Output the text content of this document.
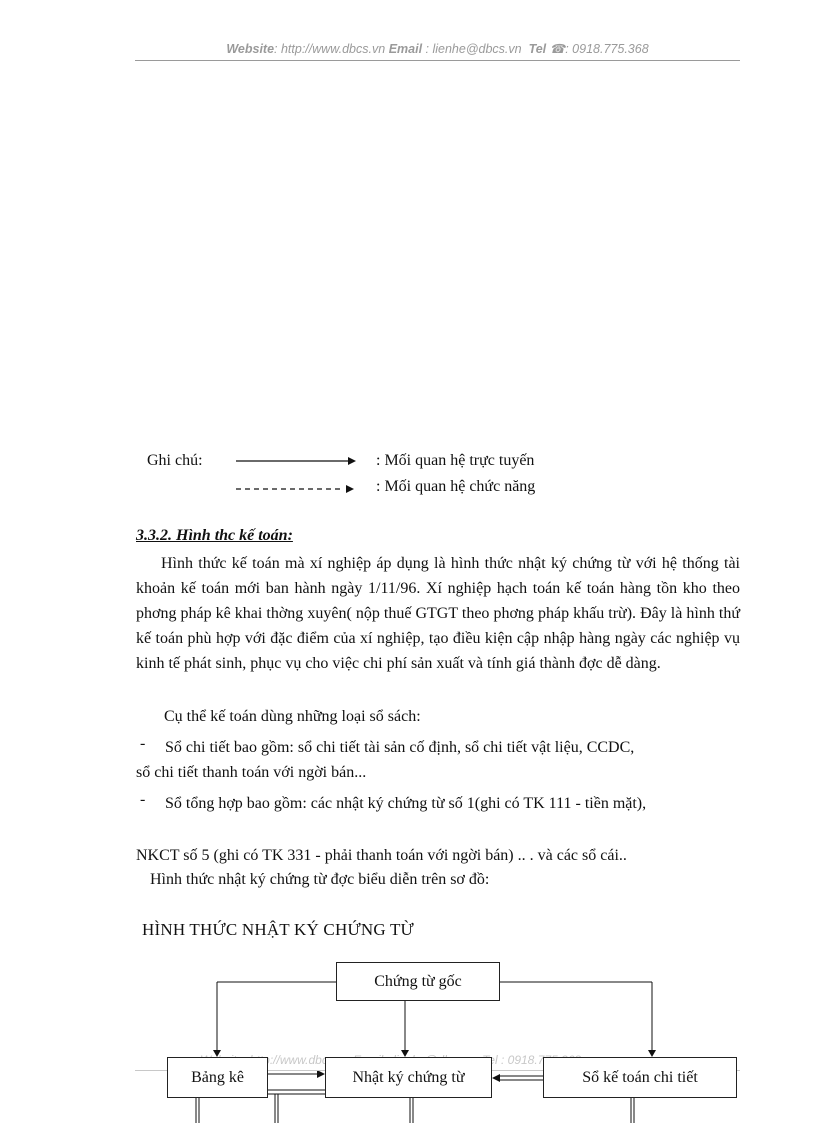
Website: http://www.dbcs.vn Email : lienhe@dbcs.vn Tel ☎: 0918.775.368
Ghi chú:	: Mối quan hệ trực tuyến
: Mối quan hệ chức năng
3.3.2. Hình thc kế toán:
Hình thức kế toán mà xí nghiệp áp dụng là hình thức nhật ký chứng từ với hệ thống tài khoản kế toán mới ban hành ngày 1/11/96. Xí nghiệp hạch toán kế toán hàng tồn kho theo phơng pháp kê khai thờng xuyên( nộp thuế GTGT theo phơng pháp khấu trừ). Đây là hình thứ kế toán phù hợp với đặc điểm của xí nghiệp, tạo điều kiện cập nhập hàng ngày các nghiệp vụ kinh tế phát sinh, phục vụ cho việc chi phí sản xuất và tính giá thành đợc dễ dàng.
Cụ thể kế toán dùng những loại sổ sách:
- Sổ chi tiết bao gồm: sổ chi tiết tài sản cố định, sổ chi tiết vật liệu, CCDC,
sổ chi tiết thanh toán với ngời bán...
- Sổ tổng hợp bao gồm: các nhật ký chứng từ số 1(ghi có TK 111 - tiền mặt),
NKCT số 5 (ghi có TK 331 - phải thanh toán với ngời bán) .. . và các sổ cái..
Hình thức nhật ký chứng từ đợc biểu diễn trên sơ đồ:
HÌNH THỨC NHẬT KÝ CHỨNG TỪ
http://www.dbcs.vn :
Chứng từ gốc
Bảng kê	Nhật ký chứng từ	Sổ kế toán chi tiết
